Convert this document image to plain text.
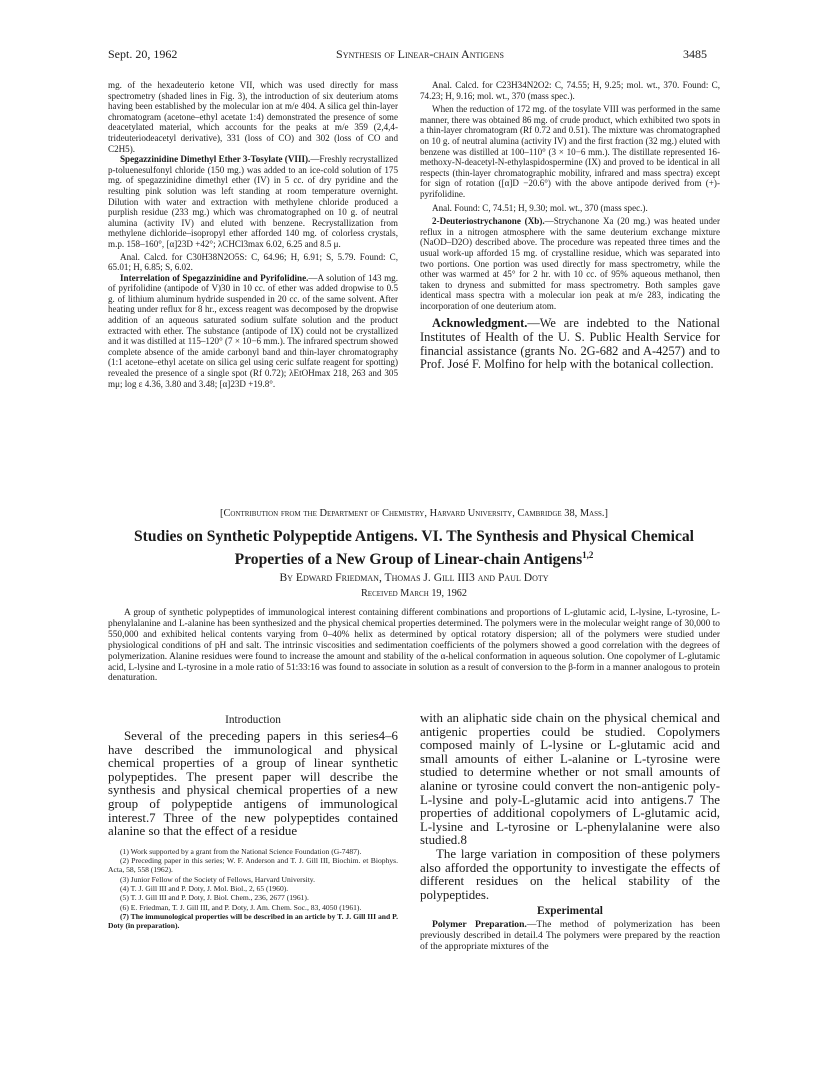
Sept. 20, 1962	Synthesis of Linear-chain Antigens	3485
mg. of the hexadeuterio ketone VII, which was used directly for mass spectrometry (shaded lines in Fig. 3), the introduction of six deuterium atoms having been established by the molecular ion at m/e 404. A silica gel thin-layer chromatogram (acetone–ethyl acetate 1:4) demonstrated the presence of some deacetylated material, which accounts for the peaks at m/e 359 (2,4,4-trideuteriodeacetyl derivative), 331 (loss of CO) and 302 (loss of CO and C2H5).
Spegazzinidine Dimethyl Ether 3-Tosylate (VIII).—Freshly recrystallized p-toluenesulfonyl chloride (150 mg.) was added to an ice-cold solution of 175 mg. of spegazzinidine dimethyl ether (IV) in 5 cc. of dry pyridine and the resulting pink solution was left standing at room temperature overnight. Dilution with water and extraction with methylene chloride produced a purplish residue (233 mg.) which was chromatographed on 10 g. of neutral alumina (activity IV) and eluted with benzene. Recrystallization from methylene dichloride–isopropyl ether afforded 140 mg. of colorless crystals, m.p. 158–160°, [α]23D +42°; λCHCl3max 6.02, 6.25 and 8.5 μ.
Anal. Calcd. for C30H38N2O5S: C, 64.96; H, 6.91; S, 5.79. Found: C, 65.01; H, 6.85; S, 6.02.
Interrelation of Spegazzinidine and Pyrifolidine.—A solution of 143 mg. of pyrifolidine (antipode of V)30 in 10 cc. of ether was added dropwise to 0.5 g. of lithium aluminum hydride suspended in 20 cc. of the same solvent. After heating under reflux for 8 hr., excess reagent was decomposed by the dropwise addition of an aqueous saturated sodium sulfate solution and the product extracted with ether. The substance (antipode of IX) could not be crystallized and it was distilled at 115–120° (7 × 10−6 mm.). The infrared spectrum showed complete absence of the amide carbonyl band and thin-layer chromatography (1:1 acetone–ethyl acetate on silica gel using ceric sulfate reagent for spotting) revealed the presence of a single spot (Rf 0.72); λEtOHmax 218, 263 and 305 mμ; log ε 4.36, 3.80 and 3.48; [α]23D +19.8°.
Anal. Calcd. for C23H34N2O2: C, 74.55; H, 9.25; mol. wt., 370. Found: C, 74.23; H, 9.16; mol. wt., 370 (mass spec.).
When the reduction of 172 mg. of the tosylate VIII was performed in the same manner, there was obtained 86 mg. of crude product, which exhibited two spots in a thin-layer chromatogram (Rf 0.72 and 0.51). The mixture was chromatographed on 10 g. of neutral alumina (activity IV) and the first fraction (32 mg.) eluted with benzene was distilled at 100–110° (3 × 10−6 mm.). The distillate represented 16-methoxy-N-deacetyl-N-ethylaspidospermine (IX) and proved to be identical in all respects (thin-layer chromatographic mobility, infrared and mass spectra) except for sign of rotation ([α]D −20.6°) with the above antipode derived from (+)-pyrifolidine.
Anal. Found: C, 74.51; H, 9.30; mol. wt., 370 (mass spec.).
2-Deuteriostrychanone (Xb).—Strychanone Xa (20 mg.) was heated under reflux in a nitrogen atmosphere with the same deuterium exchange mixture (NaOD–D2O) described above. The procedure was repeated three times and the usual work-up afforded 15 mg. of crystalline residue, which was separated into two portions. One portion was used directly for mass spectrometry, while the other was warmed at 45° for 2 hr. with 10 cc. of 95% aqueous methanol, then taken to dryness and submitted for mass spectrometry. Both samples gave identical mass spectra with a molecular ion peak at m/e 283, indicating the incorporation of one deuterium atom.
Acknowledgment.—We are indebted to the National Institutes of Health of the U. S. Public Health Service for financial assistance (grants No. 2G-682 and A-4257) and to Prof. José F. Molfino for help with the botanical collection.
[Contribution from the Department of Chemistry, Harvard University, Cambridge 38, Mass.]
Studies on Synthetic Polypeptide Antigens. VI. The Synthesis and Physical Chemical
Properties of a New Group of Linear-chain Antigens$^{1,2}$
By Edward Friedman, Thomas J. Gill III3 and Paul Doty
Received March 19, 1962
A group of synthetic polypeptides of immunological interest containing different combinations and proportions of L-glutamic acid, L-lysine, L-tyrosine, L-phenylalanine and L-alanine has been synthesized and the physical chemical properties determined. The polymers were in the molecular weight range of 30,000 to 550,000 and exhibited helical contents varying from 0–40% helix as determined by optical rotatory dispersion; all of the polymers were studied under physiological conditions of pH and salt. The intrinsic viscosities and sedimentation coefficients of the polymers showed a good correlation with the degrees of polymerization. Alanine residues were found to increase the amount and stability of the α-helical conformation in aqueous solution. One copolymer of L-glutamic acid, L-lysine and L-tyrosine in a mole ratio of 51:33:16 was found to associate in solution as a result of conversion to the β-form in a manner analogous to protein denaturation.
Introduction
Several of the preceding papers in this series4–6 have described the immunological and physical chemical properties of a group of linear synthetic polypeptides. The present paper will describe the synthesis and physical chemical properties of a new group of polypeptide antigens of immunological interest.7 Three of the new polypeptides contained alanine so that the effect of a residue
(1) Work supported by a grant from the National Science Foundation (G-7487).
(2) Preceding paper in this series; W. F. Anderson and T. J. Gill III, Biochim. et Biophys. Acta, 58, 558 (1962).
(3) Junior Fellow of the Society of Fellows, Harvard University.
(4) T. J. Gill III and P. Doty, J. Mol. Biol., 2, 65 (1960).
(5) T. J. Gill III and P. Doty, J. Biol. Chem., 236, 2677 (1961).
(6) E. Friedman, T. J. Gill III, and P. Doty, J. Am. Chem. Soc., 83, 4050 (1961).
(7) The immunological properties will be described in an article by T. J. Gill III and P. Doty (in preparation).
with an aliphatic side chain on the physical chemical and antigenic properties could be studied. Copolymers composed mainly of L-lysine or L-glutamic acid and small amounts of either L-alanine or L-tyrosine were studied to determine whether or not small amounts of alanine or tyrosine could convert the non-antigenic poly-L-lysine and poly-L-glutamic acid into antigens.7 The properties of additional copolymers of L-glutamic acid, L-lysine and L-tyrosine or L-phenylalanine were also studied.8
The large variation in composition of these polymers also afforded the opportunity to investigate the effects of different residues on the helical stability of the polypeptides.
Experimental
Polymer Preparation.—The method of polymerization has been previously described in detail.4 The polymers were prepared by the reaction of the appropriate mixtures of the
